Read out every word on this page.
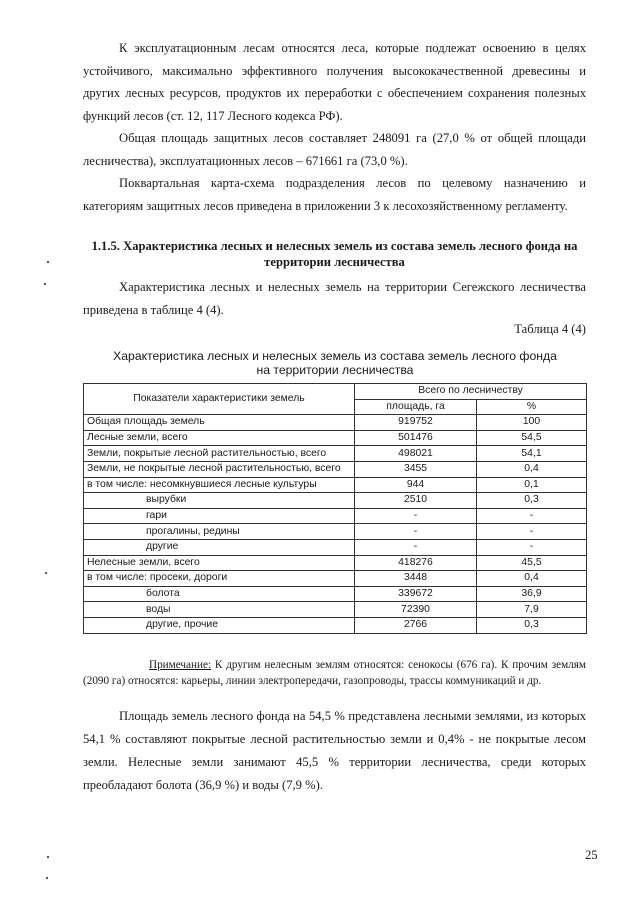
К эксплуатационным лесам относятся леса, которые подлежат освоению в целях устойчивого, максимально эффективного получения высококачественной древесины и других лесных ресурсов, продуктов их переработки с обеспечением сохранения полезных функций лесов (ст. 12, 117 Лесного кодекса РФ).

Общая площадь защитных лесов составляет 248091 га (27,0 % от общей площади лесничества), эксплуатационных лесов – 671661 га (73,0 %).

Поквартальная карта-схема подразделения лесов по целевому назначению и категориям защитных лесов приведена в приложении 3 к лесохозяйственному регламенту.

1.1.5. Характеристика лесных и нелесных земель из состава земель лесного фонда на территории лесничества

Характеристика лесных и нелесных земель на территории Сегежского лесничества приведена в таблице 4 (4).

Таблица 4 (4)
Характеристика лесных и нелесных земель из состава земель лесного фонда
на территории лесничества
Показатели характеристики земель	Всего по лесничеству	
	площадь, га	%
Общая площадь земель	919752	100
Лесные земли, всего	501476	54,5
Земли, покрытые лесной растительностью, всего	498021	54,1
Земли, не покрытые лесной растительностью, всего	3455	0,4
в том числе: несомкнувшиеся лесные культуры	944	0,1
вырубки	2510	0,3
гари	-	-
прогалины, редины	-	-
другие	-	-
Нелесные земли, всего	418276	45,5
в том числе: просеки, дороги	3448	0,4
болота	339672	36,9
воды	72390	7,9
другие, прочие	2766	0,3
Примечание: К другим нелесным землям относятся: сенокосы (676 га). К прочим землям (2090 га) относятся: карьеры, линии электропередачи, газопроводы, трассы коммуникаций и др.

Площадь земель лесного фонда на 54,5 % представлена лесными землями, из которых 54,1 % составляют покрытые лесной растительностью земли и 0,4% - не покрытые лесом земли. Нелесные земли занимают 45,5 % территории лесничества, среди которых преобладают болота (36,9 %) и воды (7,9 %).

25
